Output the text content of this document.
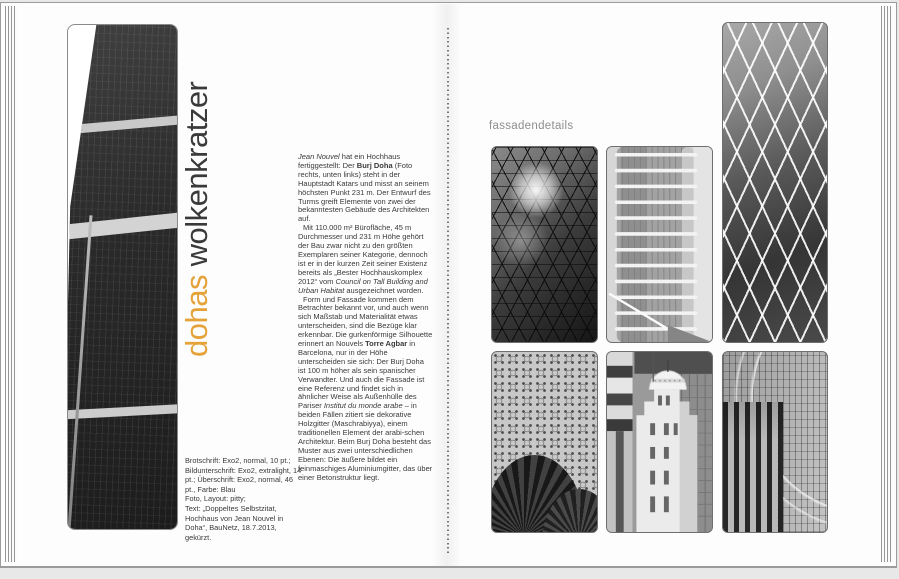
dohaswolkenkratzer	Jean Nouvel hat ein Hochhaus fertiggestellt: Der Burj Doha (Foto rechts, unten links) steht in der Hauptstadt Katars und misst an seinem höchsten Punkt 231 m. Der Entwurf des Turms greift Elemente von zwei der bekanntesten Gebäude des Architekten auf.

Mit 110.000 m² Bürofläche, 45 m Durchmesser und 231 m Höhe gehört der Bau zwar nicht zu den größten Exemplaren seiner Kategorie, dennoch ist er in der kurzen Zeit seiner Existenz bereits als „Bester Hochhauskomplex 2012“ vom Council on Tall Building and Urban Habitat ausgezeichnet worden.

Form und Fassade kommen dem Betrachter bekannt vor, und auch wenn sich Maßstab und Materialität etwas unterscheiden, sind die Bezüge klar erkennbar. Die gurkenförmige Silhouette erinnert an Nouvels Torre Agbar in Barcelona, nur in der Höhe unterscheiden sie sich: Der Burj Doha ist 100 m höher als sein spanischer Verwandter. Und auch die Fassade ist eine Referenz und findet sich in ähnlicher Weise als Außenhülle des Pariser Institut du monde arabe – in beiden Fällen zitiert sie dekorative Holzgitter (Maschrabiyya), einem traditionellen Element der arabi-schen Architektur. Beim Burj Doha besteht das Muster aus zwei unterschiedlichen Ebenen: Die äußere bildet ein feinmaschiges Aluminiumgitter, das über einer Betonstruktur liegt.

Brotschrift: Exo2, normal, 10 pt.; Bildunterschrift: Exo2, extralight, 14 pt.; Überschrift: Exo2, normal, 46 pt., Farbe: Blau
Foto, Layout: pitty;
Text: „Doppeltes Selbstzitat, Hochhaus von Jean Nouvel in Doha“, BauNetz, 18.7.2013, gekürzt.
fassadendetails
